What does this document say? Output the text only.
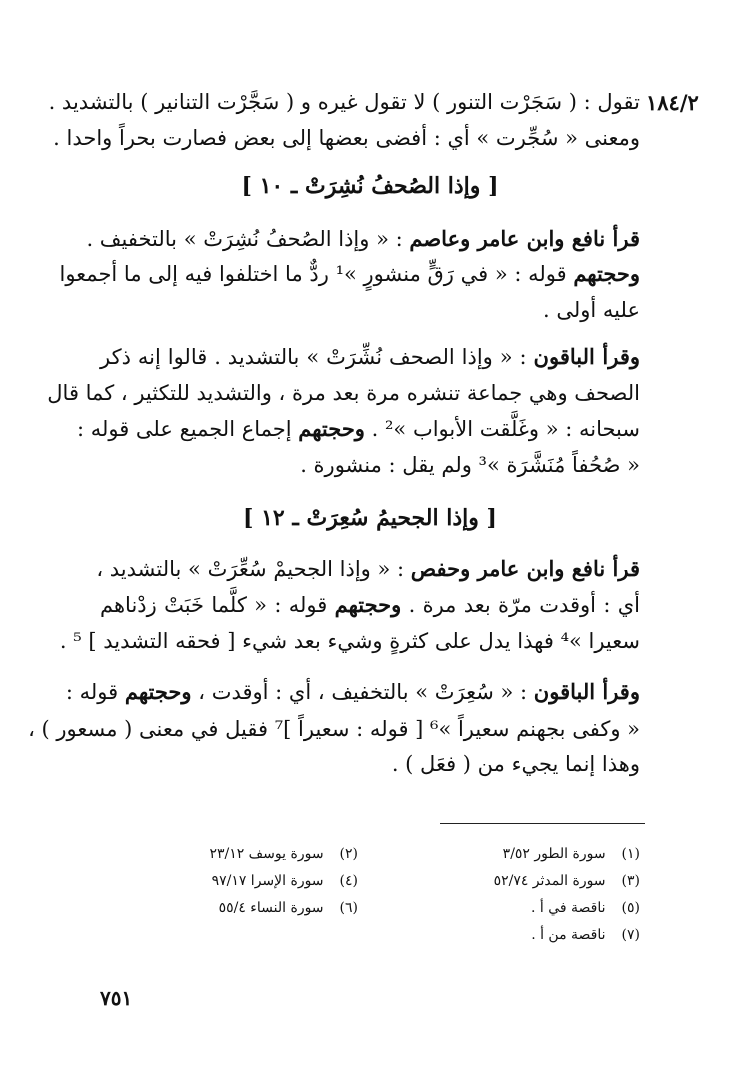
١٨٤/٢
تقول : ( سَجَرْت التنور ) لا تقول غيره و ( سَجَّرْت التنانير ) بالتشديد .
ومعنى « سُجِّرت » أي : أفضى بعضها إلى بعض فصارت بحراً واحدا .
[ وإذا الصُحفُ نُشِرَتْ ـ ١٠ ]
قرأ نافع وابن عامر وعاصم : « وإذا الصُحفُ نُشِرَتْ » بالتخفيف .
وحجتهم قوله : « في رَقٍّ منشورٍ »¹ ردٌّ ما اختلفوا فيه إلى ما أجمعوا
عليه أولى .
وقرأ الباقون : « وإذا الصحف نُشِّرَتْ » بالتشديد . قالوا إنه ذكر
الصحف وهي جماعة تنشره مرة بعد مرة ، والتشديد للتكثير ، كما قال
سبحانه : « وغَلَّقت الأبواب »² . وحجتهم إجماع الجميع على قوله :
« صُحُفاً مُنَشَّرَة »³ ولم يقل : منشورة .
[ وإذا الجحيمُ سُعِرَتْ ـ ١٢ ]
قرأ نافع وابن عامر وحفص : « وإذا الجحيمْ سُعِّرَتْ » بالتشديد ،
أي : أوقدت مرّة بعد مرة . وحجتهم قوله : « كلَّما خَبَتْ زدْناهم
سعيرا »⁴ فهذا يدل على كثرةٍ وشيء بعد شيء [ فحقه التشديد ] ⁵ .
وقرأ الباقون : « سُعِرَتْ » بالتخفيف ، أي : أوقدت ، وحجتهم قوله :
« وكفى بجهنم سعيراً »⁶ [ قوله : سعيراً ]⁷ فقيل في معنى ( مسعور ) ،
وهذا إنما يجيء من ( فعَل ) .
(١) سورة الطور ٣/٥٢
(٣) سورة المدثر ٥٢/٧٤
(٥) ناقصة في أ .
(٧) ناقصة من أ .
(٢) سورة يوسف ٢٣/١٢
(٤) سورة الإسرا ٩٧/١٧
(٦) سورة النساء ٥٥/٤
٧٥١
